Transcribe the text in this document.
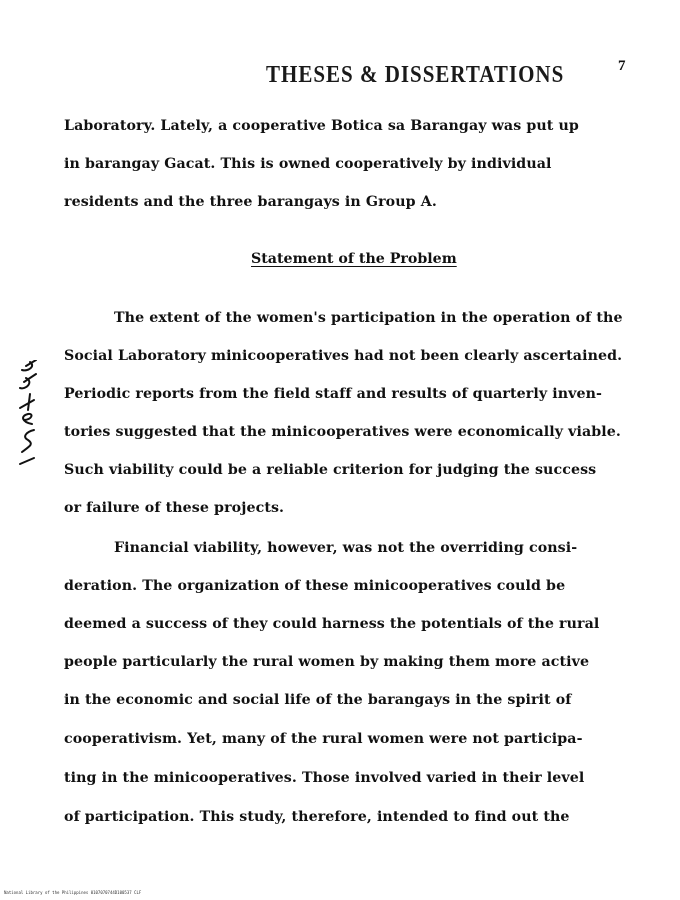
THESES & DISSERTATIONS	7
Laboratory. Lately, a cooperative Botica sa Barangay was put up
in barangay Gacat. This is owned cooperatively by individual
residents and the three barangays in Group A.
Statement of the Problem
The extent of the women's participation in the operation of the
Social Laboratory minicooperatives had not been clearly ascertained.
Periodic reports from the field staff and results of quarterly inven-
tories suggested that the minicooperatives were economically viable.
Such viability could be a reliable criterion for judging the success
or failure of these projects.
Financial viability, however, was not the overriding consi-
deration. The organization of these minicooperatives could be
deemed a success of they could harness the potentials of the rural
people particularly the rural women by making them more active
in the economic and social life of the barangays in the spirit of
cooperativism. Yet, many of the rural women were not participa-
ting in the minicooperatives. Those involved varied in their level
of participation. This study, therefore, intended to find out the
National Library of the Philippines 0107070744D100537 CLF
